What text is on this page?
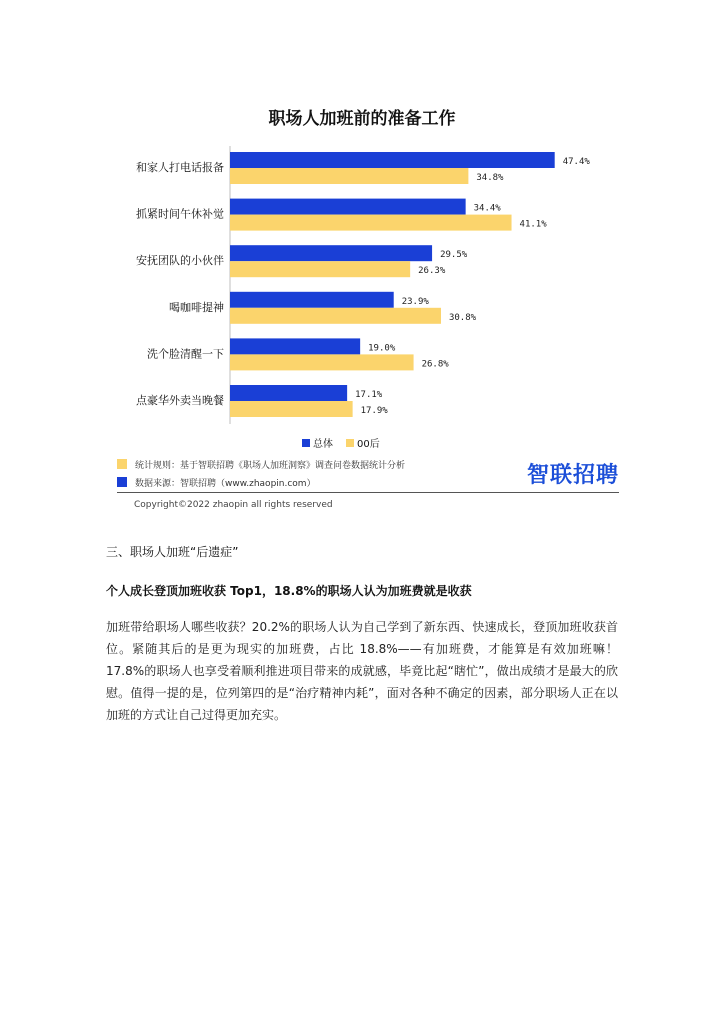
职场人加班前的准备工作
和家人打电话报备	47.4%
34.8%
抓紧时间午休补觉	34.4%
41.1%
安抚团队的小伙伴	29.5%
26.3%
喝咖啡提神	23.9%
30.8%
洗个脸清醒一下	19.0%
26.8%
点豪华外卖当晚餐	17.1%
17.9%
总体 00后
统计规则：基于智联招聘《职场人加班洞察》调查问卷数据统计分析
数据来源：智联招聘（www.zhaopin.com）	智联招聘
Copyright©2022 zhaopin all rights reserved
三、职场人加班“后遗症”
个人成长登顶加班收获 Top1，18.8%的职场人认为加班费就是收获
加班带给职场人哪些收获？20.2%的职场人认为自己学到了新东西、快速成长，登顶加班收获首位。紧随其后的是更为现实的加班费，占比 18.8%——有加班费，才能算是有效加班嘛！17.8%的职场人也享受着顺利推进项目带来的成就感，毕竟比起“瞎忙”，做出成绩才是最大的欣慰。值得一提的是，位列第四的是“治疗精神内耗”，面对各种不确定的因素，部分职场人正在以加班的方式让自己过得更加充实。
